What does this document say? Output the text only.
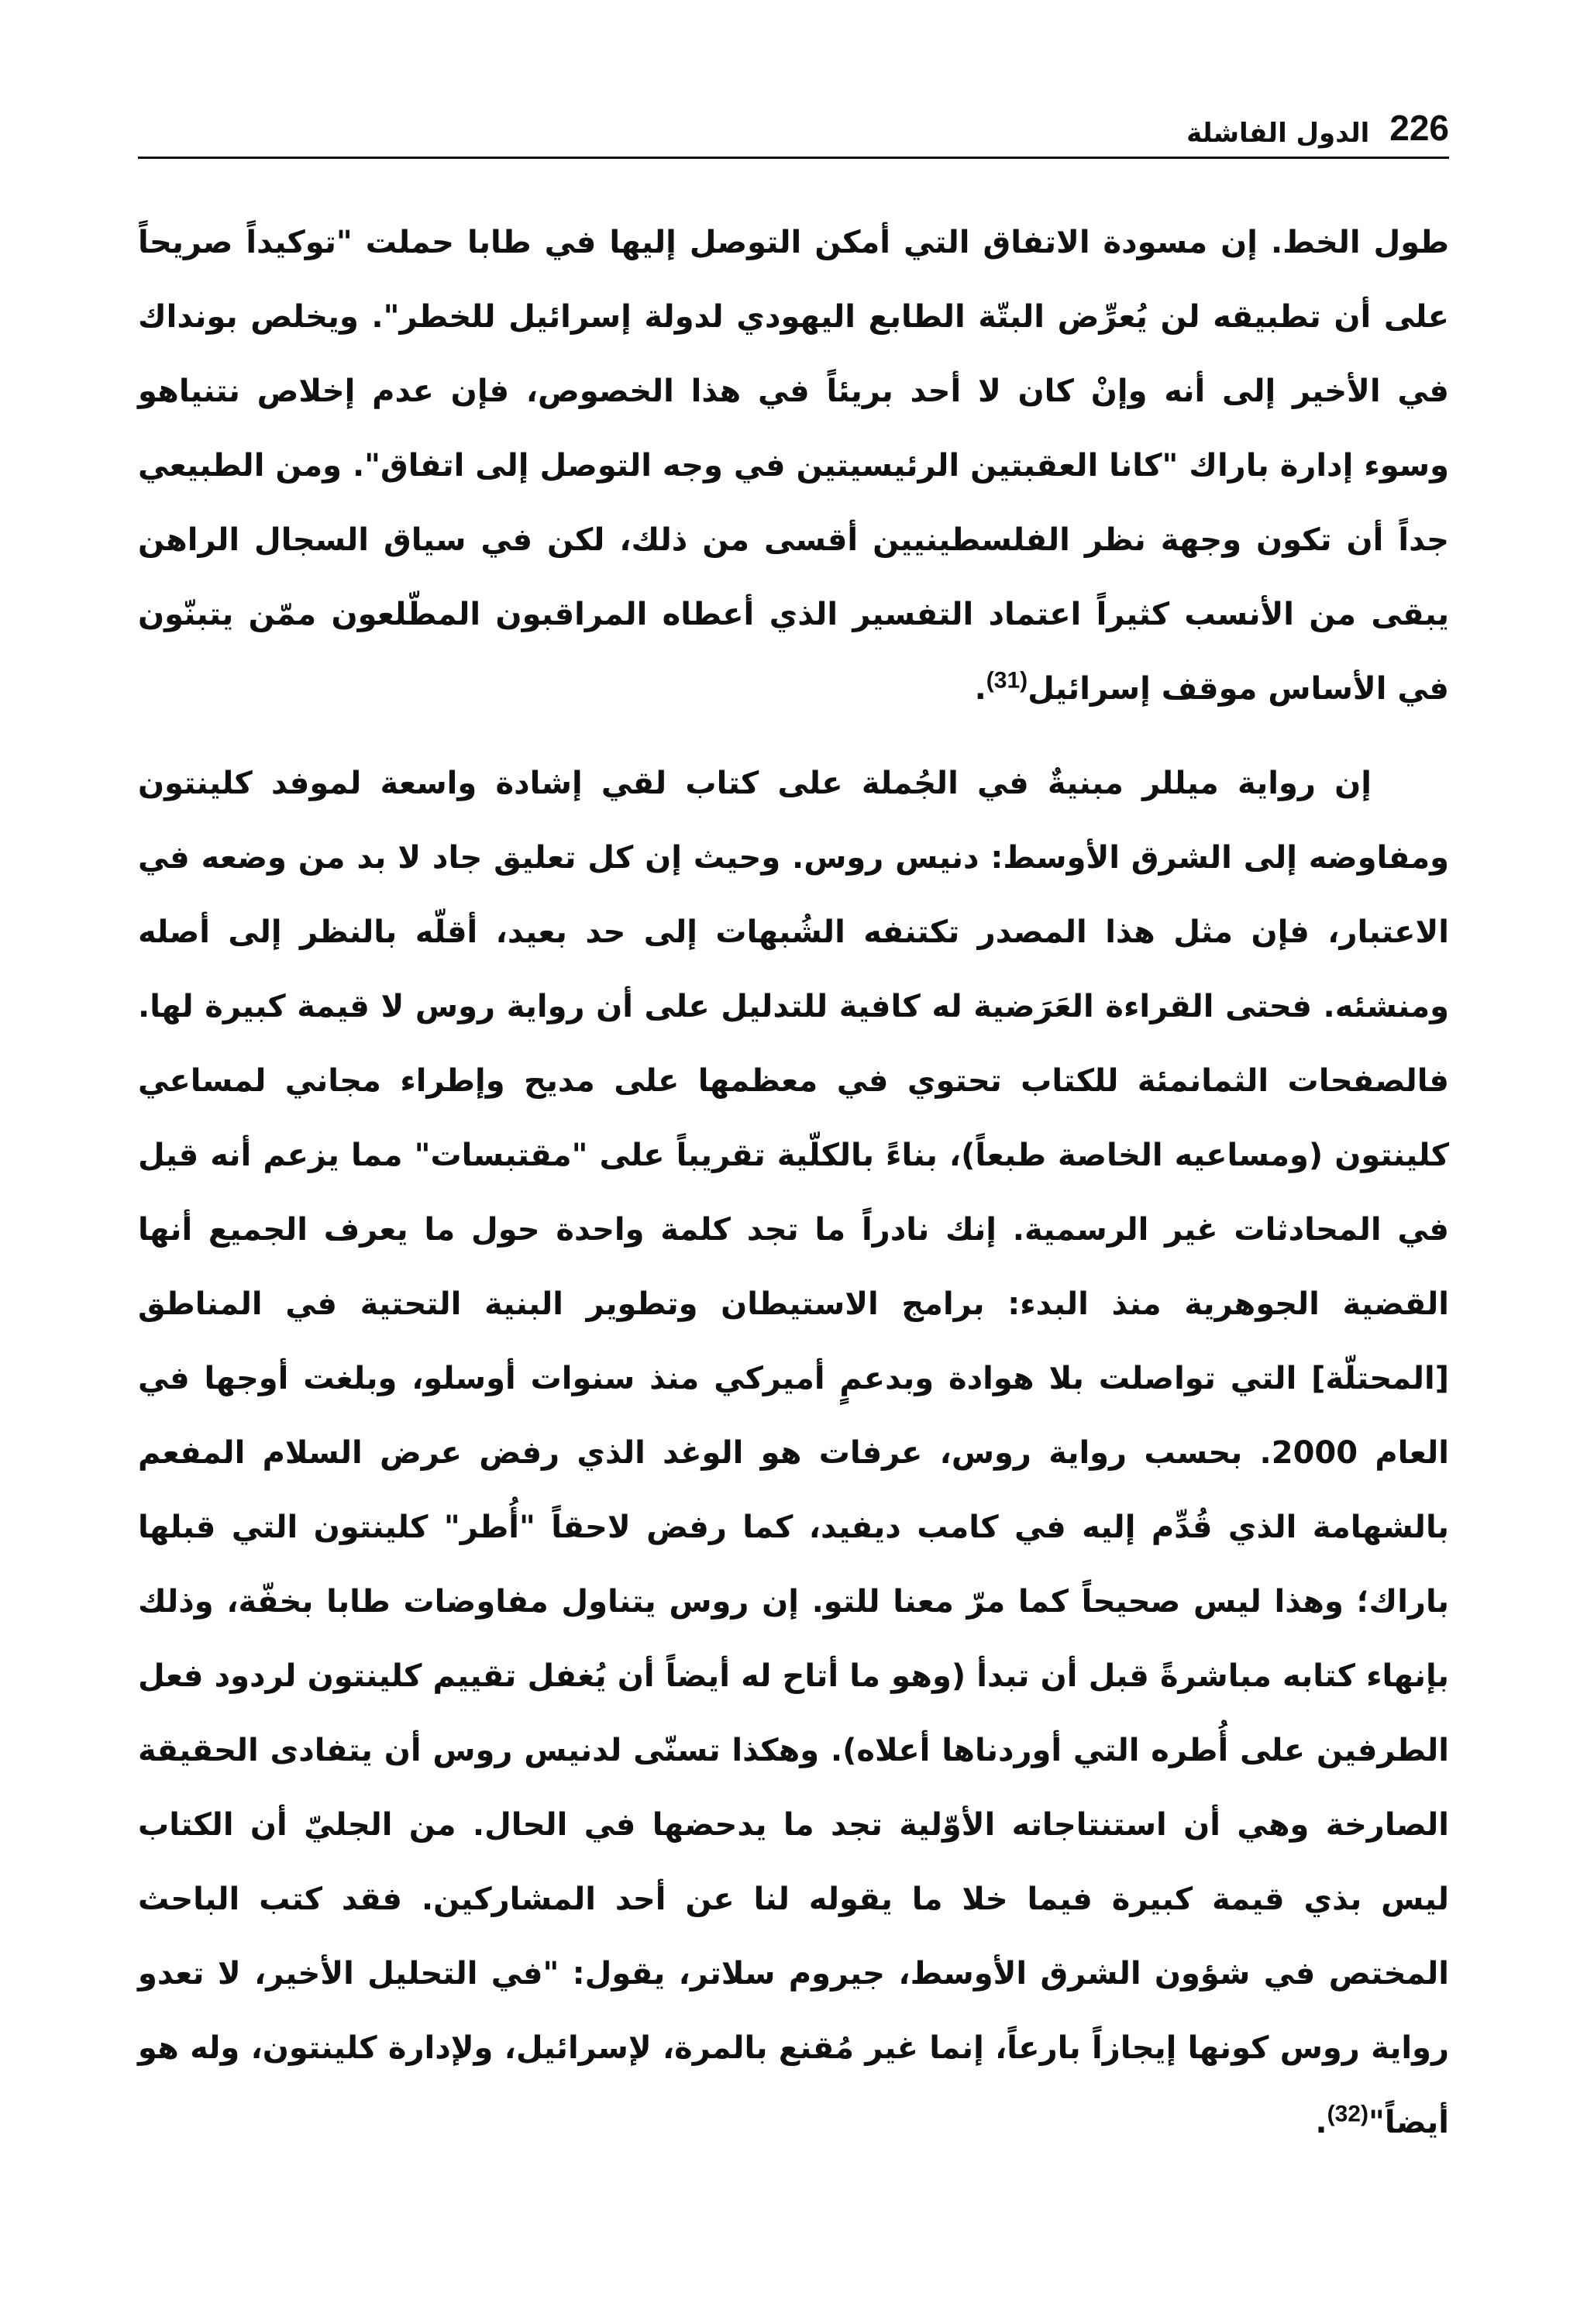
226
الدول الفاشلة

طول الخط. إن مسودة الاتفاق التي أمكن التوصل إليها في طابا حملت "توكيداً صريحاً على أن تطبيقه لن يُعرِّض البتّة الطابع اليهودي لدولة إسرائيل للخطر". ويخلص بونداك في الأخير إلى أنه وإنْ كان لا أحد بريئاً في هذا الخصوص، فإن عدم إخلاص نتنياهو وسوء إدارة باراك "كانا العقبتين الرئيسيتين في وجه التوصل إلى اتفاق". ومن الطبيعي جداً أن تكون وجهة نظر الفلسطينيين أقسى من ذلك، لكن في سياق السجال الراهن يبقى من الأنسب كثيراً اعتماد التفسير الذي أعطاه المراقبون المطّلعون ممّن يتبنّون في الأساس موقف إسرائيل$^{(31)}$.

إن رواية ميللر مبنيةٌ في الجُملة على كتاب لقي إشادة واسعة لموفد كلينتون ومفاوضه إلى الشرق الأوسط: دنيس روس. وحيث إن كل تعليق جاد لا بد من وضعه في الاعتبار، فإن مثل هذا المصدر تكتنفه الشُبهات إلى حد بعيد، أقلّه بالنظر إلى أصله ومنشئه. فحتى القراءة العَرَضية له كافية للتدليل على أن رواية روس لا قيمة كبيرة لها. فالصفحات الثمانمئة للكتاب تحتوي في معظمها على مديح وإطراء مجاني لمساعي كلينتون (ومساعيه الخاصة طبعاً)، بناءً بالكلّية تقريباً على "مقتبسات" مما يزعم أنه قيل في المحادثات غير الرسمية. إنك نادراً ما تجد كلمة واحدة حول ما يعرف الجميع أنها القضية الجوهرية منذ البدء: برامج الاستيطان وتطوير البنية التحتية في المناطق [المحتلّة] التي تواصلت بلا هوادة وبدعمٍ أميركي منذ سنوات أوسلو، وبلغت أوجها في العام 2000. بحسب رواية روس، عرفات هو الوغد الذي رفض عرض السلام المفعم بالشهامة الذي قُدِّم إليه في كامب ديفيد، كما رفض لاحقاً "أُطر" كلينتون التي قبلها باراك؛ وهذا ليس صحيحاً كما مرّ معنا للتو. إن روس يتناول مفاوضات طابا بخفّة، وذلك بإنهاء كتابه مباشرةً قبل أن تبدأ (وهو ما أتاح له أيضاً أن يُغفل تقييم كلينتون لردود فعل الطرفين على أُطره التي أوردناها أعلاه). وهكذا تسنّى لدنيس روس أن يتفادى الحقيقة الصارخة وهي أن استنتاجاته الأوّلية تجد ما يدحضها في الحال. من الجليّ أن الكتاب ليس بذي قيمة كبيرة فيما خلا ما يقوله لنا عن أحد المشاركين. فقد كتب الباحث المختص في شؤون الشرق الأوسط، جيروم سلاتر، يقول: "في التحليل الأخير، لا تعدو رواية روس كونها إيجازاً بارعاً، إنما غير مُقنع بالمرة، لإسرائيل، ولإدارة كلينتون، وله هو أيضاً"$^{(32)}$.
